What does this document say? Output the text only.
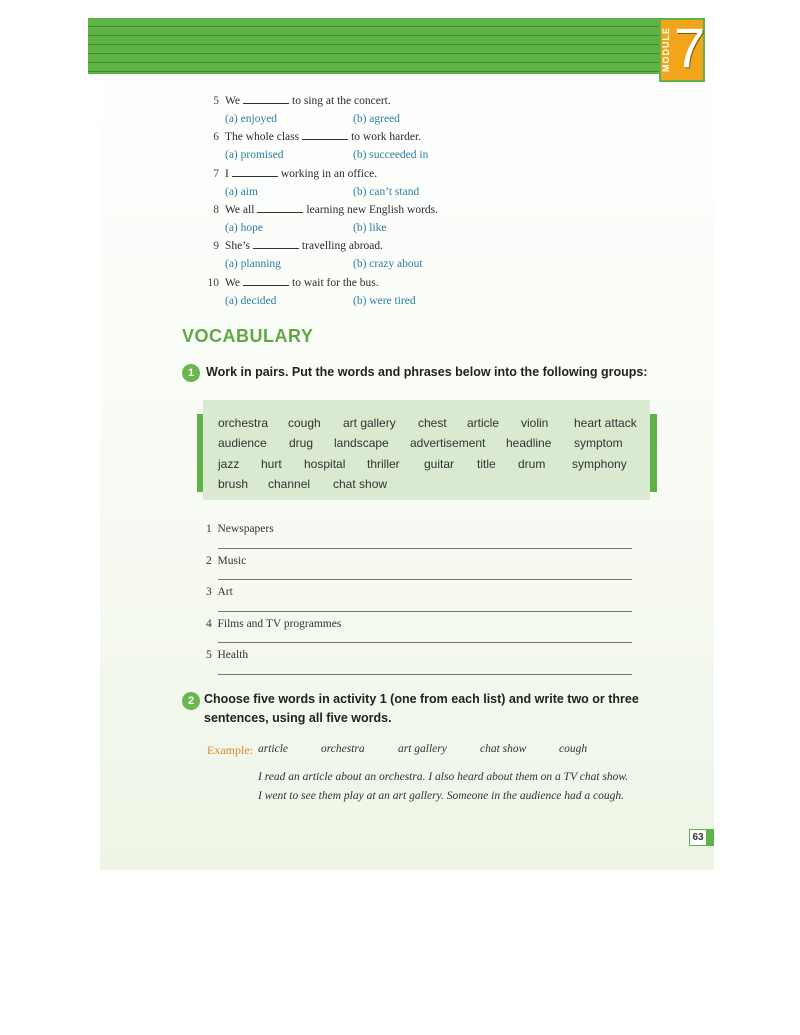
MODULE 7
5 We	to sing at the concert.
(a) enjoyed	(b) agreed
6 The whole class	to work harder.
(a) promised	(b) succeeded in
7 I	working in an office.
(a) aim	(b) can’t stand
8 We all	learning new English words.
(a) hope	(b) like
9 She’s	travelling abroad.
(a) planning	(b) crazy about
10 We	to wait for the bus.
(a) decided	(b) were tired
VOCABULARY
1 Work in pairs. Put the words and phrases below into the following groups:
orchestra cough art gallery chest article violin heart attack
audience drug landscape advertisement headline symptom
jazz hurt hospital thriller guitar title drum symphony
brush channel chat show
1 Newspapers
2 Music
3 Art
4 Films and TV programmes
5 Health
2 Choose five words in activity 1 (one from each list) and write two or three
sentences, using all five words.
Example: article	orchestra	art gallery	chat show	cough
I read an article about an orchestra. I also heard about them on a TV chat show.
I went to see them play at an art gallery. Someone in the audience had a cough.
63
